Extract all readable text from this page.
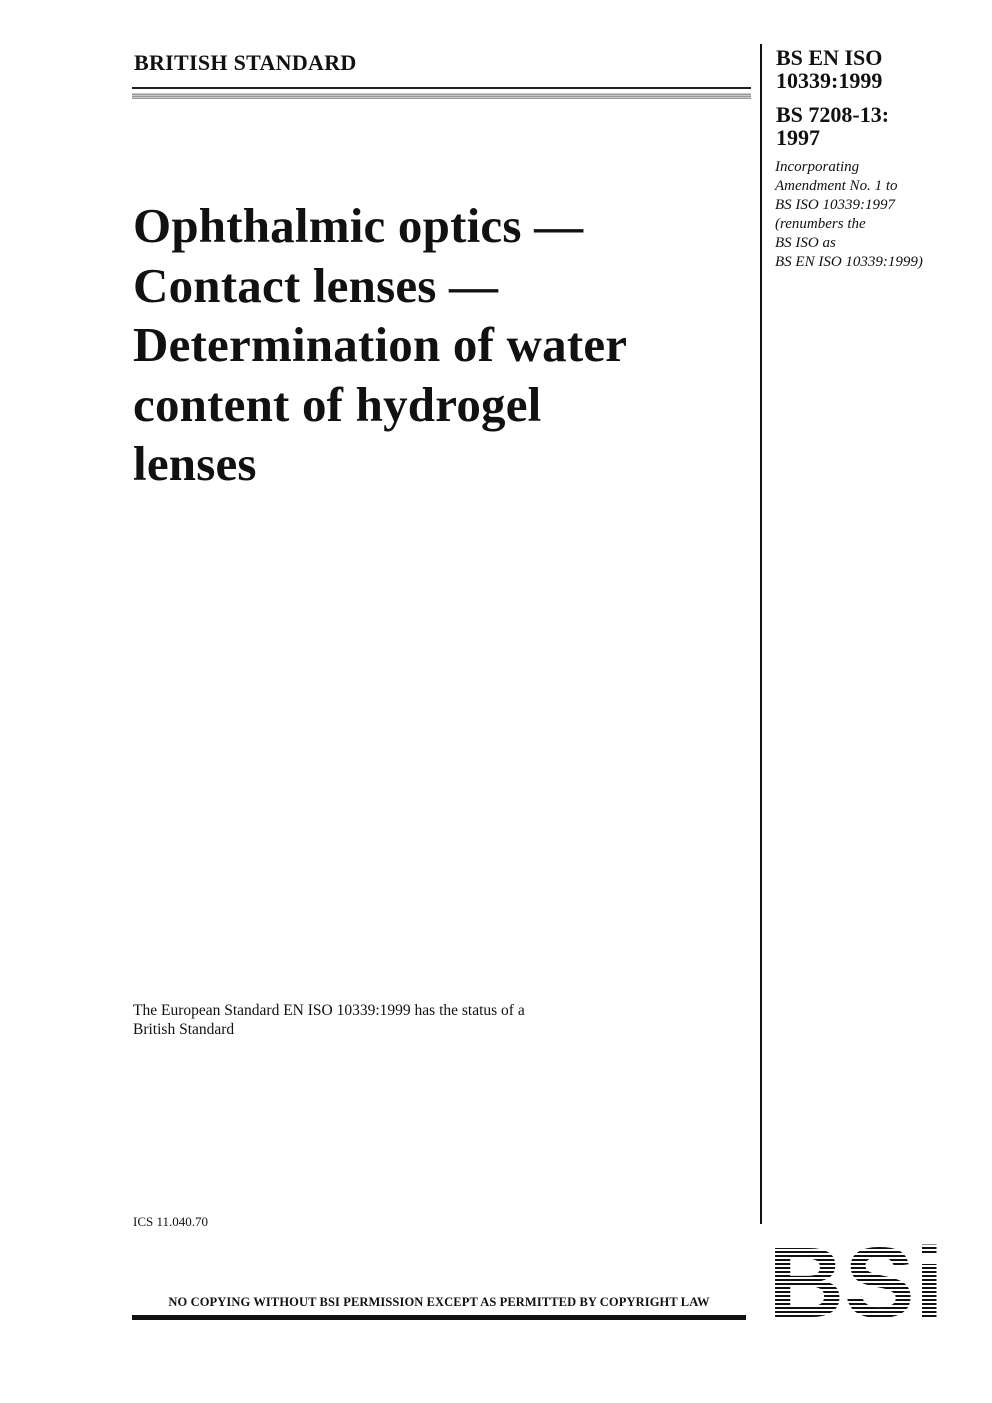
BRITISH STANDARD	BS EN ISO
10339:1999
BS 7208-13:
1997
Incorporating
Amendment No. 1 to
BS ISO 10339:1997
(renumbers the
BS ISO as
BS EN ISO 10339:1999)
Ophthalmic optics —
Contact lenses —
Determination of water
content of hydrogel
lenses
The European Standard EN ISO 10339:1999 has the status of a
British Standard
ICS 11.040.70
NO COPYING WITHOUT BSI PERMISSION EXCEPT AS PERMITTED BY COPYRIGHT LAW
